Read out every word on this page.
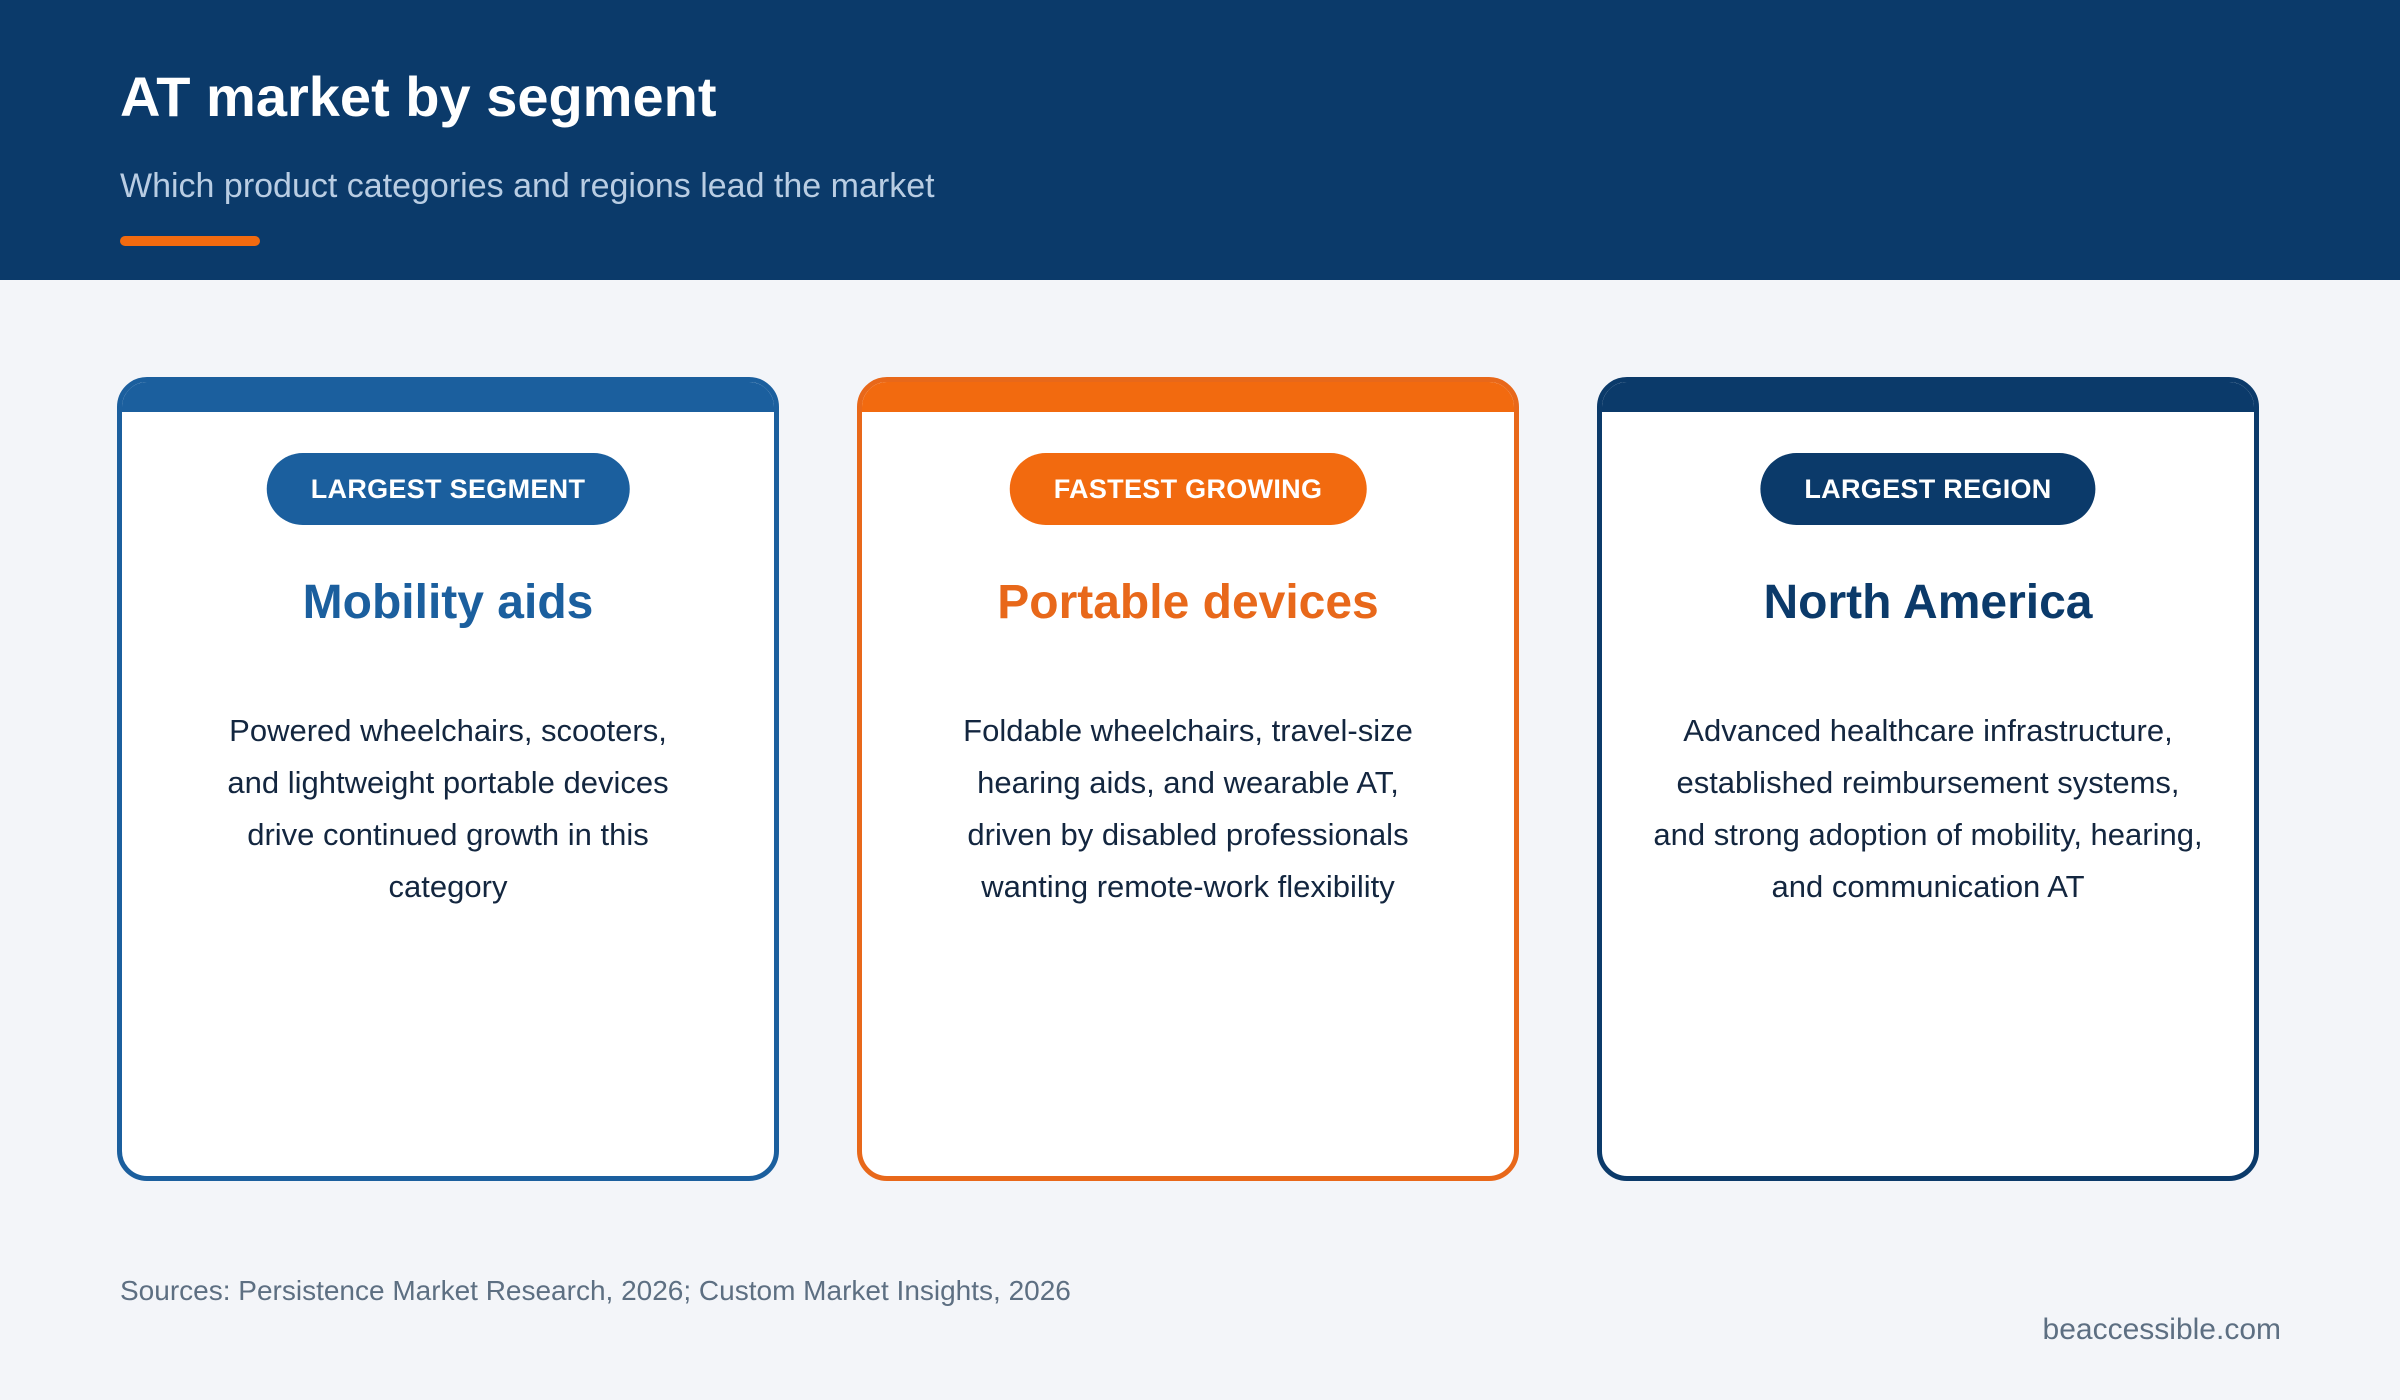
AT market by segment
Which product categories and regions lead the market
LARGEST SEGMENT
Mobility aids
Powered wheelchairs, scooters, and lightweight portable devices drive continued growth in this category
FASTEST GROWING
Portable devices
Foldable wheelchairs, travel-size hearing aids, and wearable AT, driven by disabled professionals wanting remote-work flexibility
LARGEST REGION
North America
Advanced healthcare infrastructure, established reimbursement systems, and strong adoption of mobility, hearing, and communication AT
Sources: Persistence Market Research, 2026; Custom Market Insights, 2026
beaccessible.com
